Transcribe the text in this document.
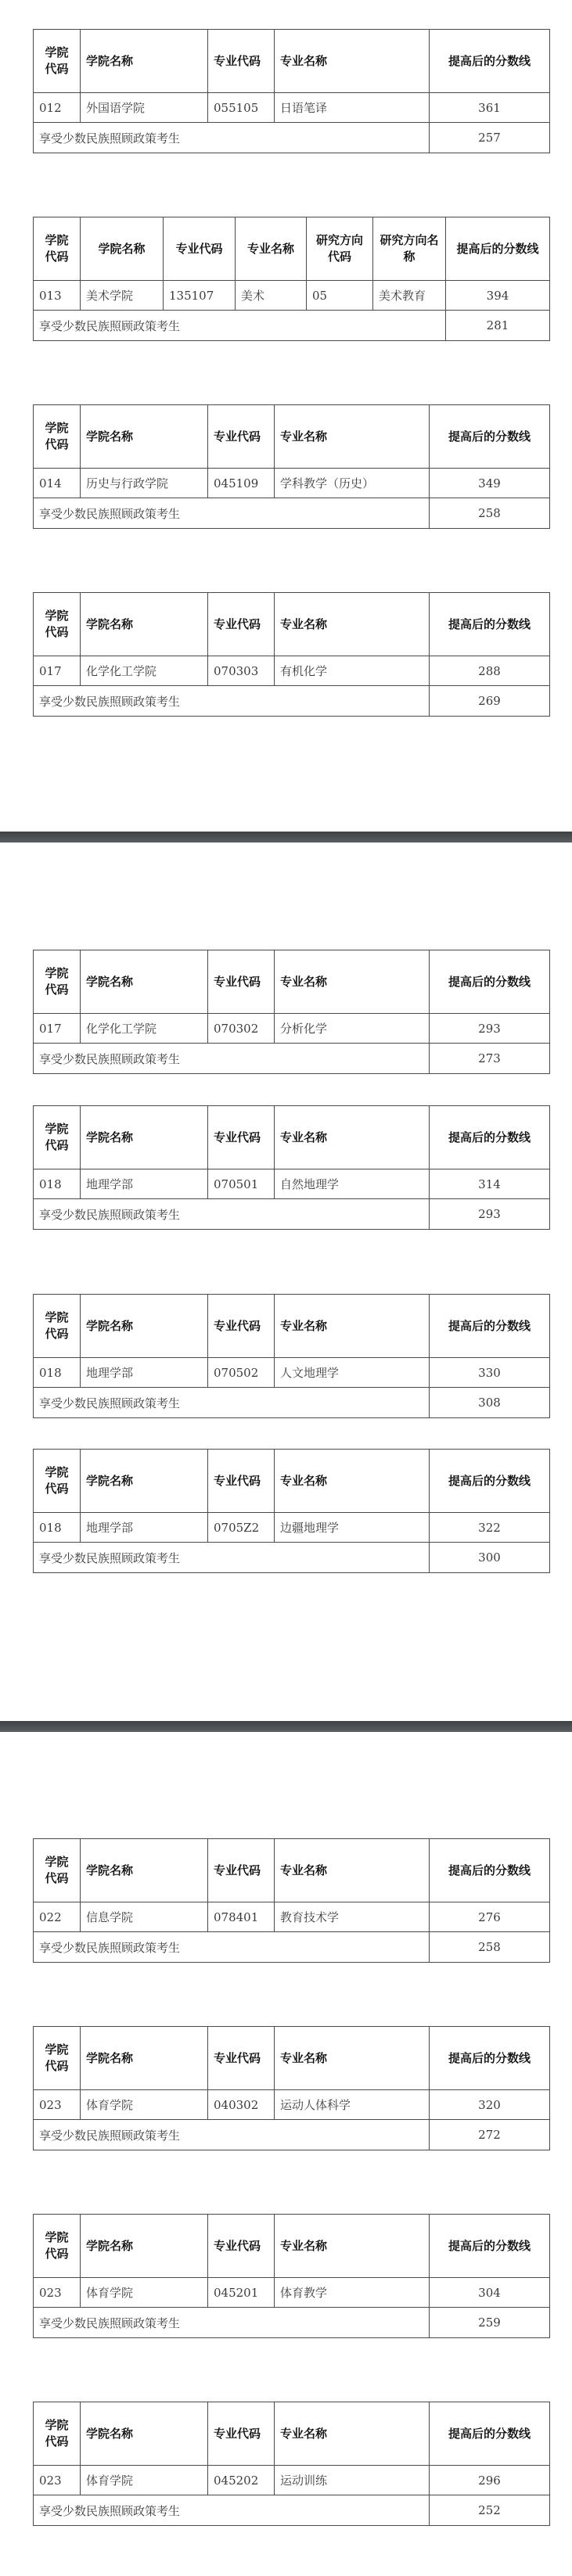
学院代码	学院名称	专业代码	专业名称	提高后的分数线
012	外国语学院	055105	日语笔译	361
享受少数民族照顾政策考生				257
学院代码	学院名称	专业代码	专业名称	研究方向代码	研究方向名称	提高后的分数线
013	美术学院	135107	美术	05	美术教育	394
享受少数民族照顾政策考生						281
学院代码	学院名称	专业代码	专业名称	提高后的分数线
014	历史与行政学院	045109	学科教学（历史）	349
享受少数民族照顾政策考生				258
学院代码	学院名称	专业代码	专业名称	提高后的分数线
017	化学化工学院	070303	有机化学	288
享受少数民族照顾政策考生				269
学院代码	学院名称	专业代码	专业名称	提高后的分数线
017	化学化工学院	070302	分析化学	293
享受少数民族照顾政策考生				273
学院代码	学院名称	专业代码	专业名称	提高后的分数线
018	地理学部	070501	自然地理学	314
享受少数民族照顾政策考生				293
学院代码	学院名称	专业代码	专业名称	提高后的分数线
018	地理学部	070502	人文地理学	330
享受少数民族照顾政策考生				308
学院代码	学院名称	专业代码	专业名称	提高后的分数线
018	地理学部	0705Z2	边疆地理学	322
享受少数民族照顾政策考生				300
学院代码	学院名称	专业代码	专业名称	提高后的分数线
022	信息学院	078401	教育技术学	276
享受少数民族照顾政策考生				258
学院代码	学院名称	专业代码	专业名称	提高后的分数线
023	体育学院	040302	运动人体科学	320
享受少数民族照顾政策考生				272
学院代码	学院名称	专业代码	专业名称	提高后的分数线
023	体育学院	045201	体育教学	304
享受少数民族照顾政策考生				259
学院代码	学院名称	专业代码	专业名称	提高后的分数线
023	体育学院	045202	运动训练	296
享受少数民族照顾政策考生				252
